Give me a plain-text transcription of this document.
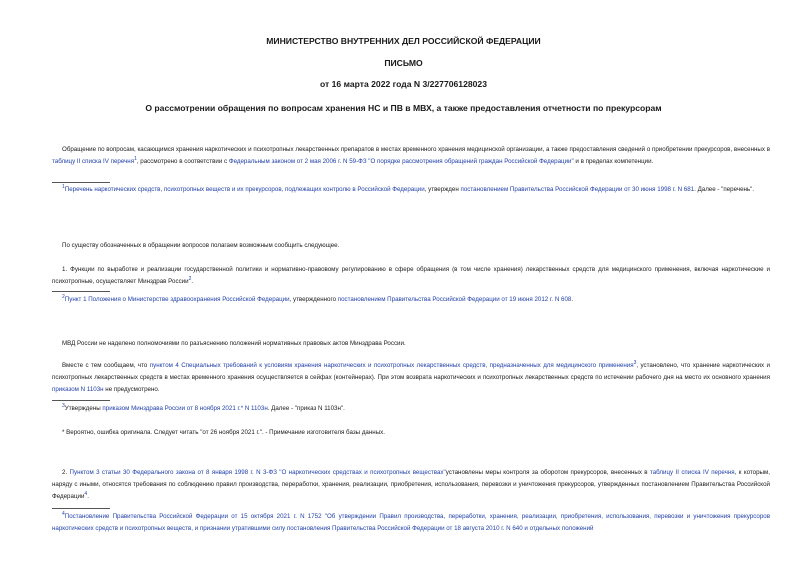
МИНИСТЕРСТВО ВНУТРЕННИХ ДЕЛ РОССИЙСКОЙ ФЕДЕРАЦИИ
ПИСЬМО
от 16 марта 2022 года N 3/227706128023
О рассмотрении обращения по вопросам хранения НС и ПВ в МВХ, а также предоставления отчетности по прекурсорам
Обращение по вопросам, касающимся хранения наркотических и психотропных лекарственных препаратов в местах временного хранения медицинской организации, а также предоставления сведений о приобретении прекурсоров, внесенных в таблицу II списка IV перечня$^1$, рассмотрено в соответствии с Федеральным законом от 2 мая 2006 г. N 59-ФЗ "О порядке рассмотрения обращений граждан Российской Федерации" и в пределах компетенции.
$^1$Перечень наркотических средств, психотропных веществ и их прекурсоров, подлежащих контролю в Российской Федерации, утвержден постановлением Правительства Российской Федерации от 30 июня 1998 г. N 681. Далее - "перечень".
По существу обозначенных в обращении вопросов полагаем возможным сообщить следующее.
1. Функции по выработке и реализации государственной политики и нормативно-правовому регулированию в сфере обращения (в том числе хранения) лекарственных средств для медицинского применения, включая наркотические и психотропные, осуществляет Минздрав России$^2$.
$^2$Пункт 1 Положения о Министерстве здравоохранения Российской Федерации, утвержденного постановлением Правительства Российской Федерации от 19 июня 2012 г. N 608.
МВД России не наделено полномочиями по разъяснению положений нормативных правовых актов Минздрава России.
Вместе с тем сообщаем, что пунктом 4 Специальных требований к условиям хранения наркотических и психотропных лекарственных средств, предназначенных для медицинского применения$^3$, установлено, что хранение наркотических и психотропных лекарственных средств в местах временного хранения осуществляется в сейфах (контейнерах). При этом возврата наркотических и психотропных лекарственных средств по истечении рабочего дня на место их основного хранения приказом N 1103н не предусмотрено.
$^3$Утверждены приказом Минздрава России от 8 ноября 2021 г.* N 1103н. Далее - "приказ N 1103н".
* Вероятно, ошибка оригинала. Следует читать "от 26 ноября 2021 г.". - Примечание изготовителя базы данных.
2. Пунктом 3 статьи 30 Федерального закона от 8 января 1998 г. N 3-ФЗ "О наркотических средствах и психотропных веществах"установлены меры контроля за оборотом прекурсоров, внесенных в таблицу II списка IV перечня, к которым, наряду с иными, относятся требования по соблюдению правил производства, переработки, хранения, реализации, приобретения, использования, перевозки и уничтожения прекурсоров, утвержденных постановлением Правительства Российской Федерации$^4$.
$^4$Постановление Правительства Российской Федерации от 15 октября 2021 г. N 1752 "Об утверждении Правил производства, переработки, хранения, реализации, приобретения, использования, перевозки и уничтожения прекурсоров наркотических средств и психотропных веществ, и признании утратившими силу постановления Правительства Российской Федерации от 18 августа 2010 г. N 640 и отдельных положений
